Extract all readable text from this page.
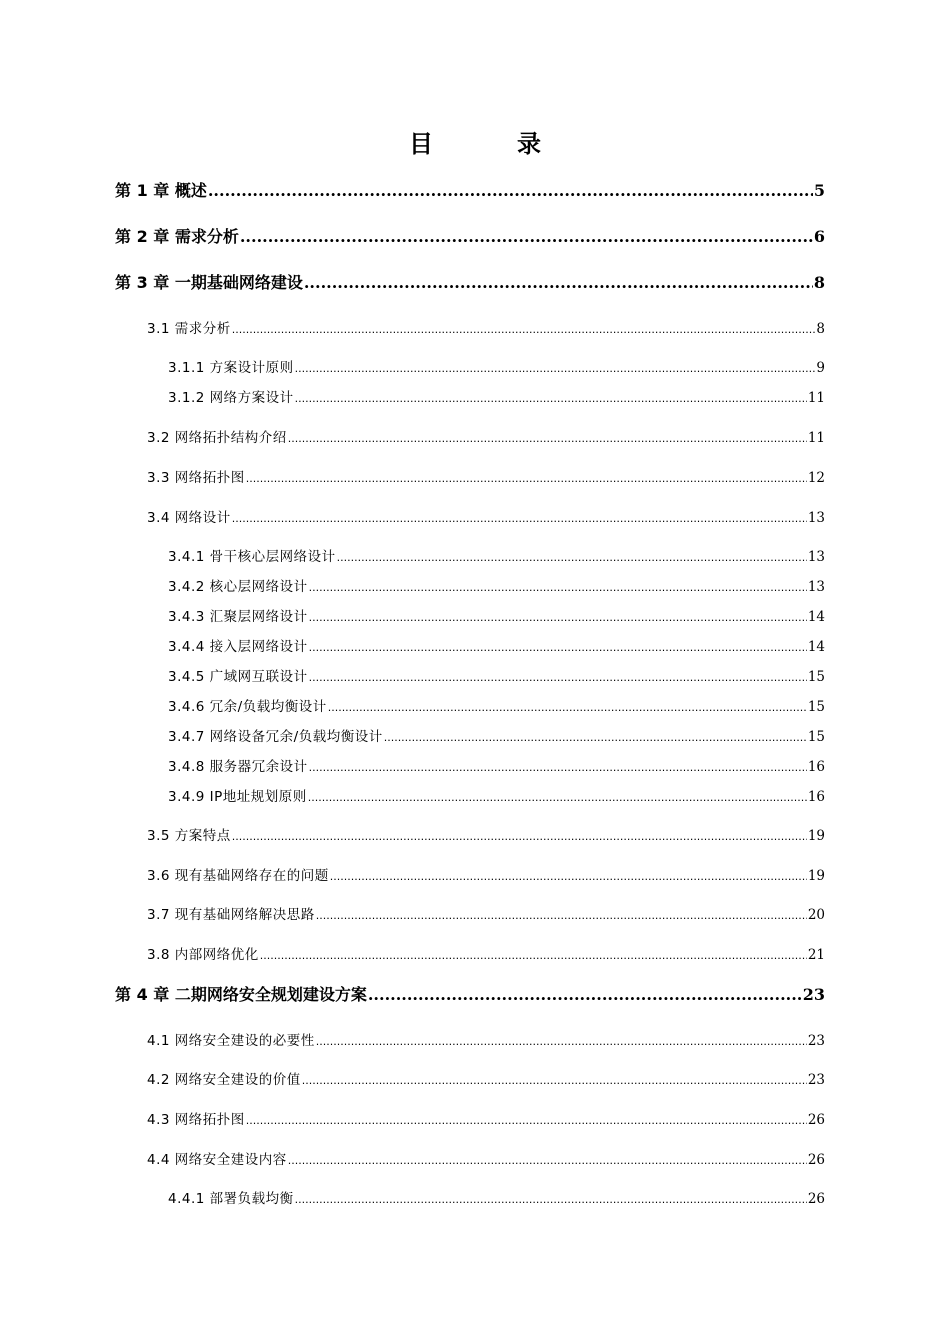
目　录
第 1 章 概述 .....	5
第 2 章 需求分析 .....	6
第 3 章 一期基础网络建设 .....	8
3.1 需求分析 .....	8
3.1.1 方案设计原则 .....	9
3.1.2 网络方案设计 .....	11
3.2 网络拓扑结构介绍 .....	11
3.3 网络拓扑图 .....	12
3.4 网络设计 .....	13
3.4.1 骨干核心层网络设计 .....	13
3.4.2 核心层网络设计 .....	13
3.4.3 汇聚层网络设计 .....	14
3.4.4 接入层网络设计 .....	14
3.4.5 广域网互联设计 .....	15
3.4.6 冗余/负载均衡设计 .....	15
3.4.7 网络设备冗余/负载均衡设计 .....	15
3.4.8 服务器冗余设计 .....	16
3.4.9 IP地址规划原则 .....	16
3.5 方案特点 .....	19
3.6 现有基础网络存在的问题 .....	19
3.7 现有基础网络解决思路 .....	20
3.8 内部网络优化 .....	21
第 4 章 二期网络安全规划建设方案 .....	23
4.1 网络安全建设的必要性 .....	23
4.2 网络安全建设的价值 .....	23
4.3 网络拓扑图 .....	26
4.4 网络安全建设内容 .....	26
4.4.1 部署负载均衡 .....	26
